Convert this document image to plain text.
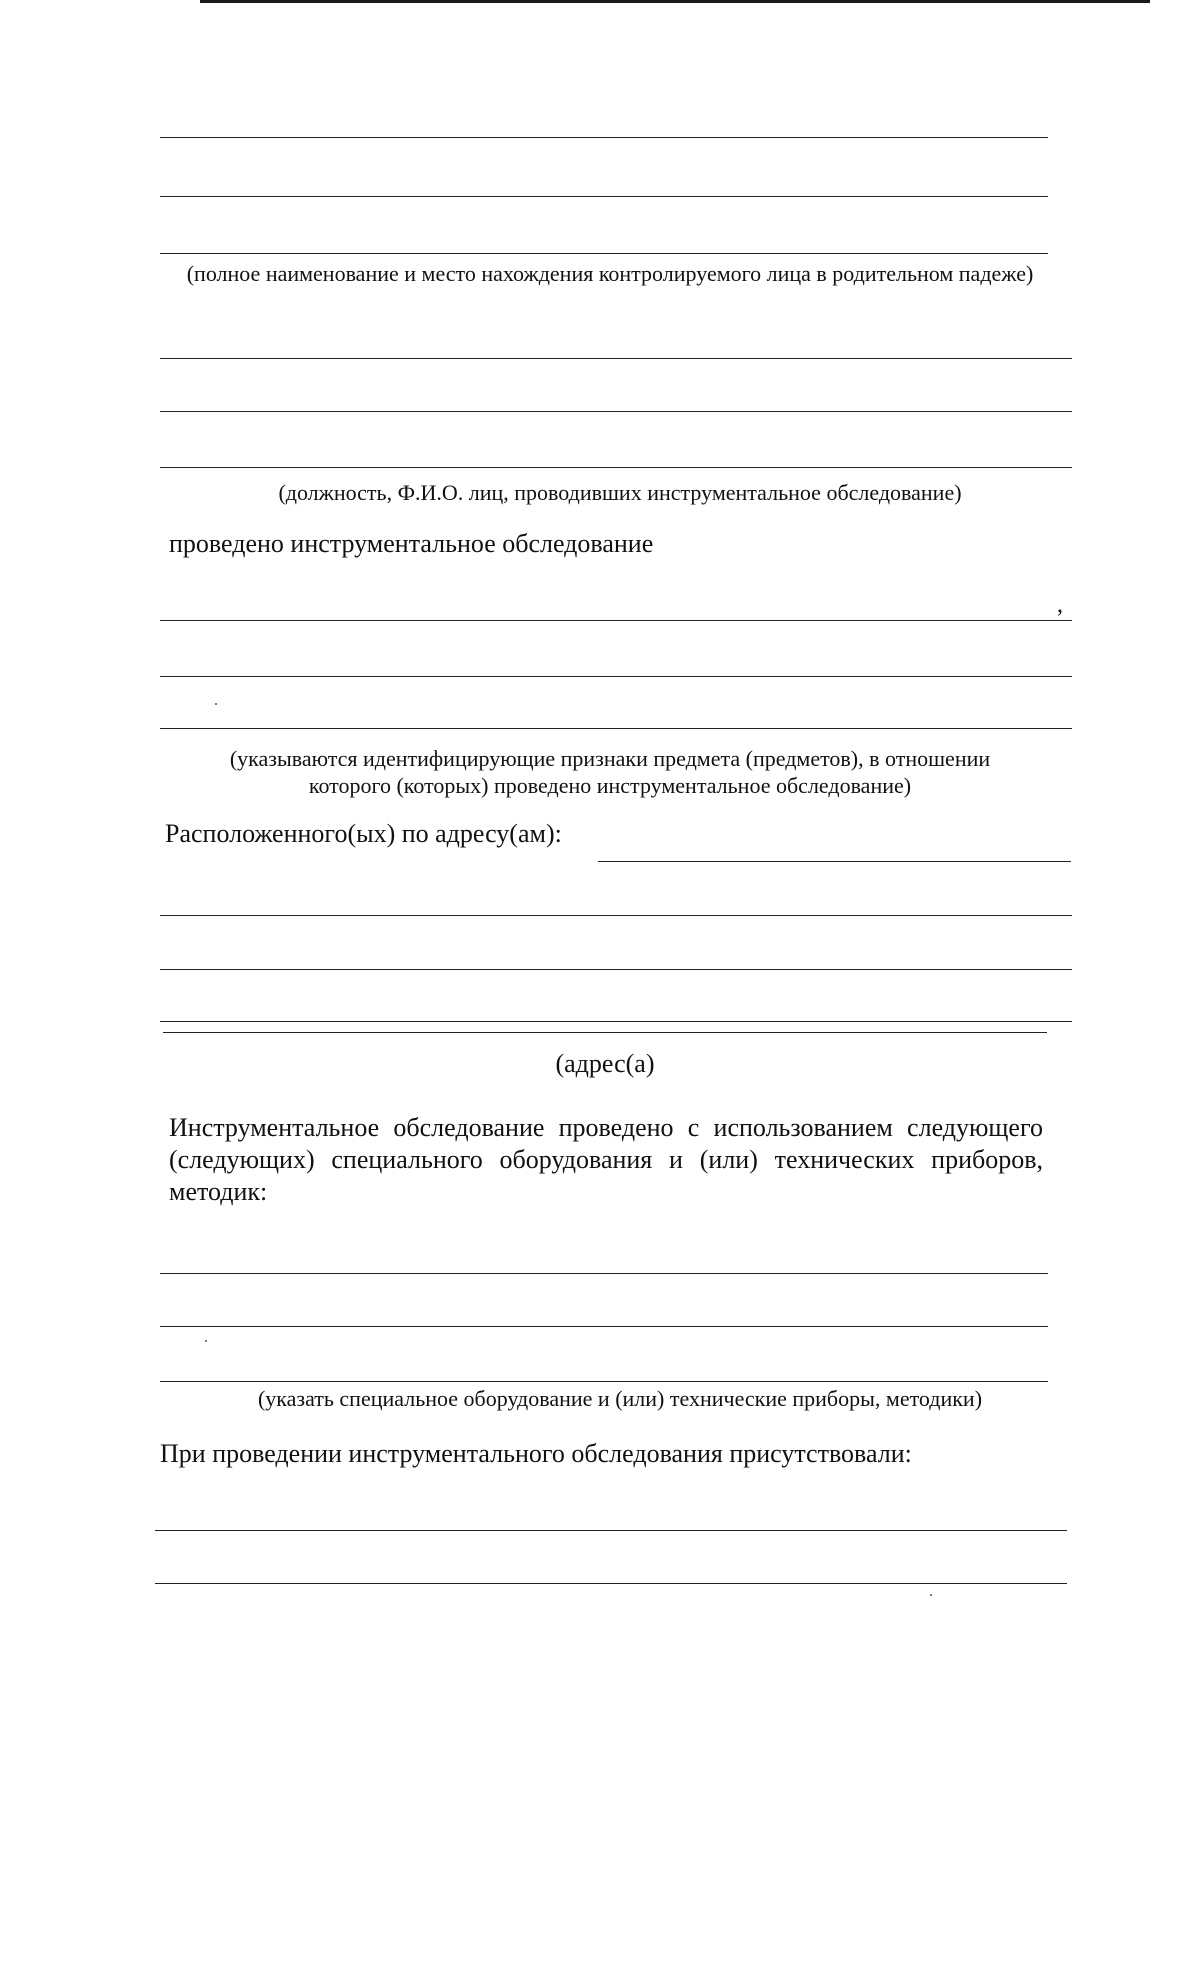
(полное наименование и место нахождения контролируемого лица в родительном падеже)
(должность, Ф.И.О. лиц, проводивших инструментальное обследование)
проведено инструментальное обследование
,
(указываются идентифицирующие признаки предмета (предметов), в отношении
которого (которых) проведено инструментальное обследование)
Расположенного(ых) по адресу(ам):
(адрес(а)
Инструментальное обследование проведено с использованием следующего (следующих) специального оборудования и (или) технических приборов, методик:
(указать специальное оборудование и (или) технические приборы, методики)
При проведении инструментального обследования присутствовали:
